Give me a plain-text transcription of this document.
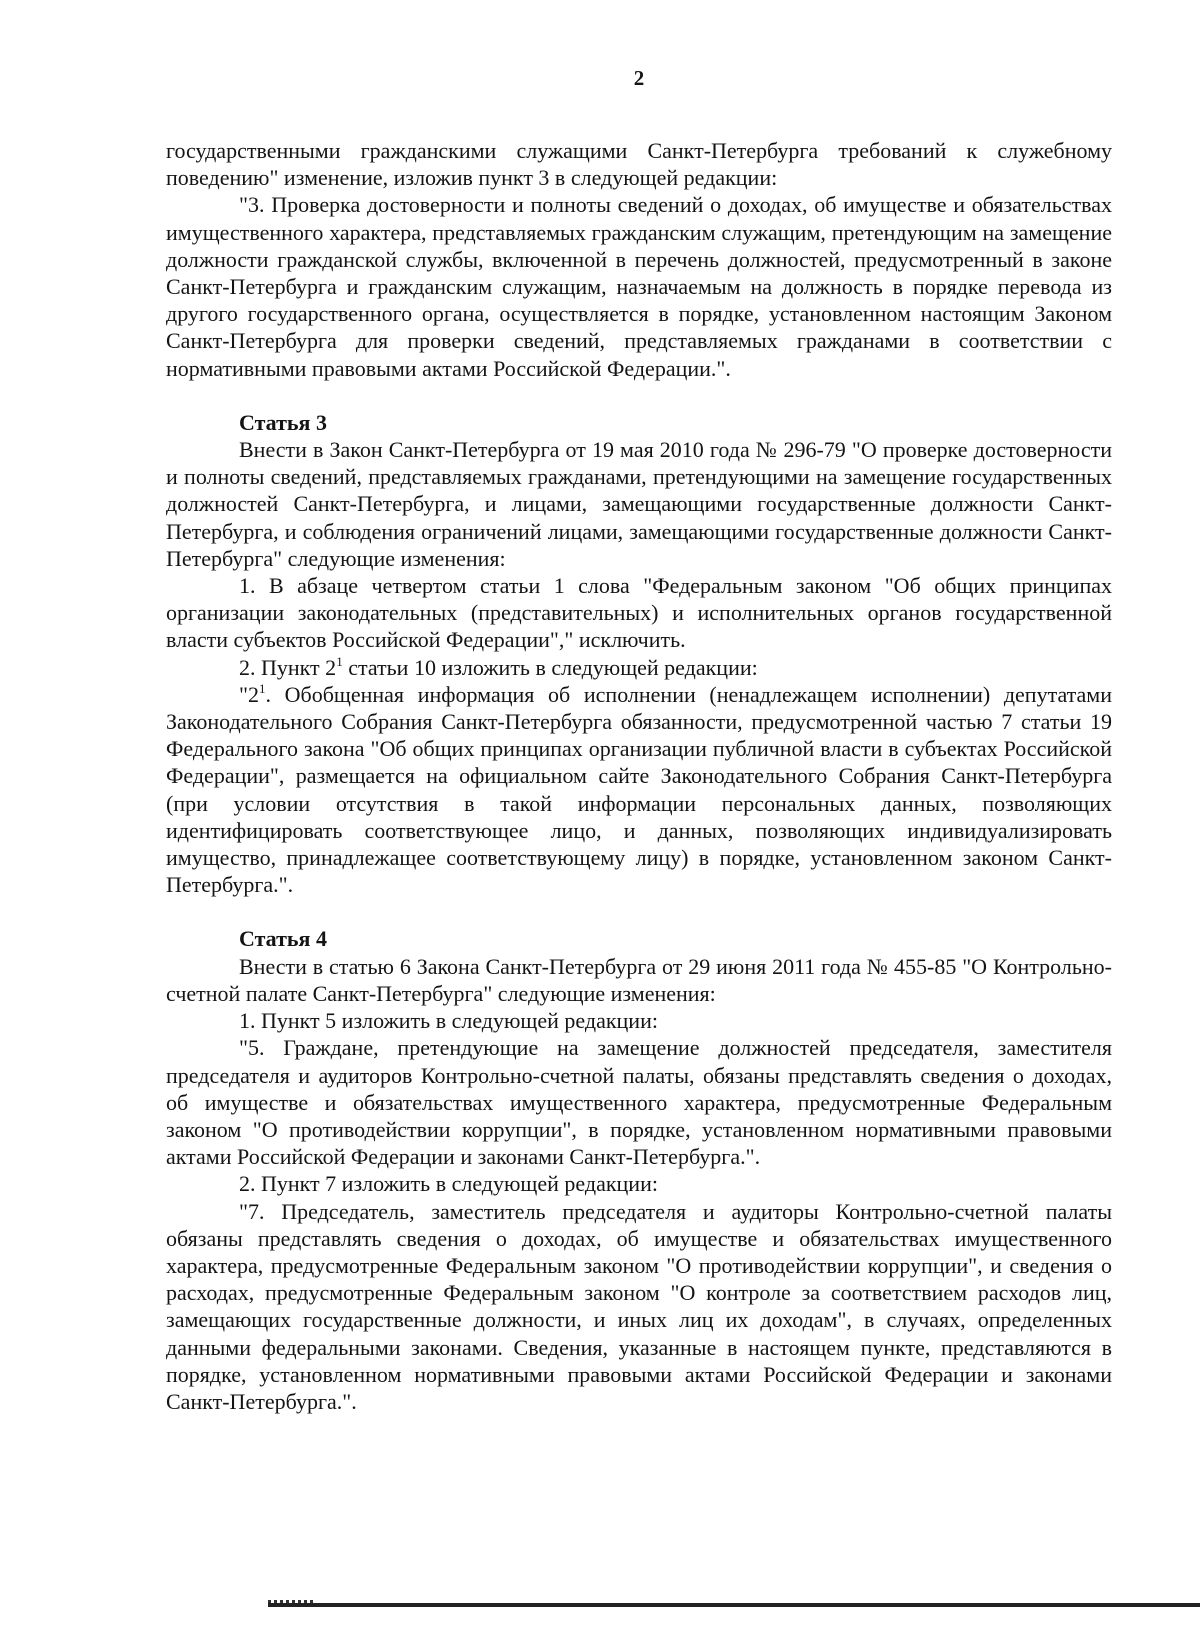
2

государственными гражданскими служащими Санкт-Петербурга требований к служебному поведению" изменение, изложив пункт 3 в следующей редакции:

"3. Проверка достоверности и полноты сведений о доходах, об имуществе и обязательствах имущественного характера, представляемых гражданским служащим, претендующим на замещение должности гражданской службы, включенной в перечень должностей, предусмотренный в законе Санкт-Петербурга и гражданским служащим, назначаемым на должность в порядке перевода из другого государственного органа, осуществляется в порядке, установленном настоящим Законом Санкт-Петербурга для проверки сведений, представляемых гражданами в соответствии с нормативными правовыми актами Российской Федерации.".

Статья 3

Внести в Закон Санкт-Петербурга от 19 мая 2010 года № 296-79 "О проверке достоверности и полноты сведений, представляемых гражданами, претендующими на замещение государственных должностей Санкт-Петербурга, и лицами, замещающими государственные должности Санкт-Петербурга, и соблюдения ограничений лицами, замещающими государственные должности Санкт-Петербурга" следующие изменения:

1. В абзаце четвертом статьи 1 слова "Федеральным законом "Об общих принципах организации законодательных (представительных) и исполнительных органов государственной власти субъектов Российской Федерации"," исключить.

2. Пункт $2^1$ статьи 10 изложить в следующей редакции:

"$2^1$. Обобщенная информация об исполнении (ненадлежащем исполнении) депутатами Законодательного Собрания Санкт-Петербурга обязанности, предусмотренной частью 7 статьи 19 Федерального закона "Об общих принципах организации публичной власти в субъектах Российской Федерации", размещается на официальном сайте Законодательного Собрания Санкт-Петербурга (при условии отсутствия в такой информации персональных данных, позволяющих идентифицировать соответствующее лицо, и данных, позволяющих индивидуализировать имущество, принадлежащее соответствующему лицу) в порядке, установленном законом Санкт-Петербурга.".

Статья 4

Внести в статью 6 Закона Санкт-Петербурга от 29 июня 2011 года № 455-85 "О Контрольно-счетной палате Санкт-Петербурга" следующие изменения:

1. Пункт 5 изложить в следующей редакции:

"5. Граждане, претендующие на замещение должностей председателя, заместителя председателя и аудиторов Контрольно-счетной палаты, обязаны представлять сведения о доходах, об имуществе и обязательствах имущественного характера, предусмотренные Федеральным законом "О противодействии коррупции", в порядке, установленном нормативными правовыми актами Российской Федерации и законами Санкт-Петербурга.".

2. Пункт 7 изложить в следующей редакции:

"7. Председатель, заместитель председателя и аудиторы Контрольно-счетной палаты обязаны представлять сведения о доходах, об имуществе и обязательствах имущественного характера, предусмотренные Федеральным законом "О противодействии коррупции", и сведения о расходах, предусмотренные Федеральным законом "О контроле за соответствием расходов лиц, замещающих государственные должности, и иных лиц их доходам", в случаях, определенных данными федеральными законами. Сведения, указанные в настоящем пункте, представляются в порядке, установленном нормативными правовыми актами Российской Федерации и законами Санкт-Петербурга.".
